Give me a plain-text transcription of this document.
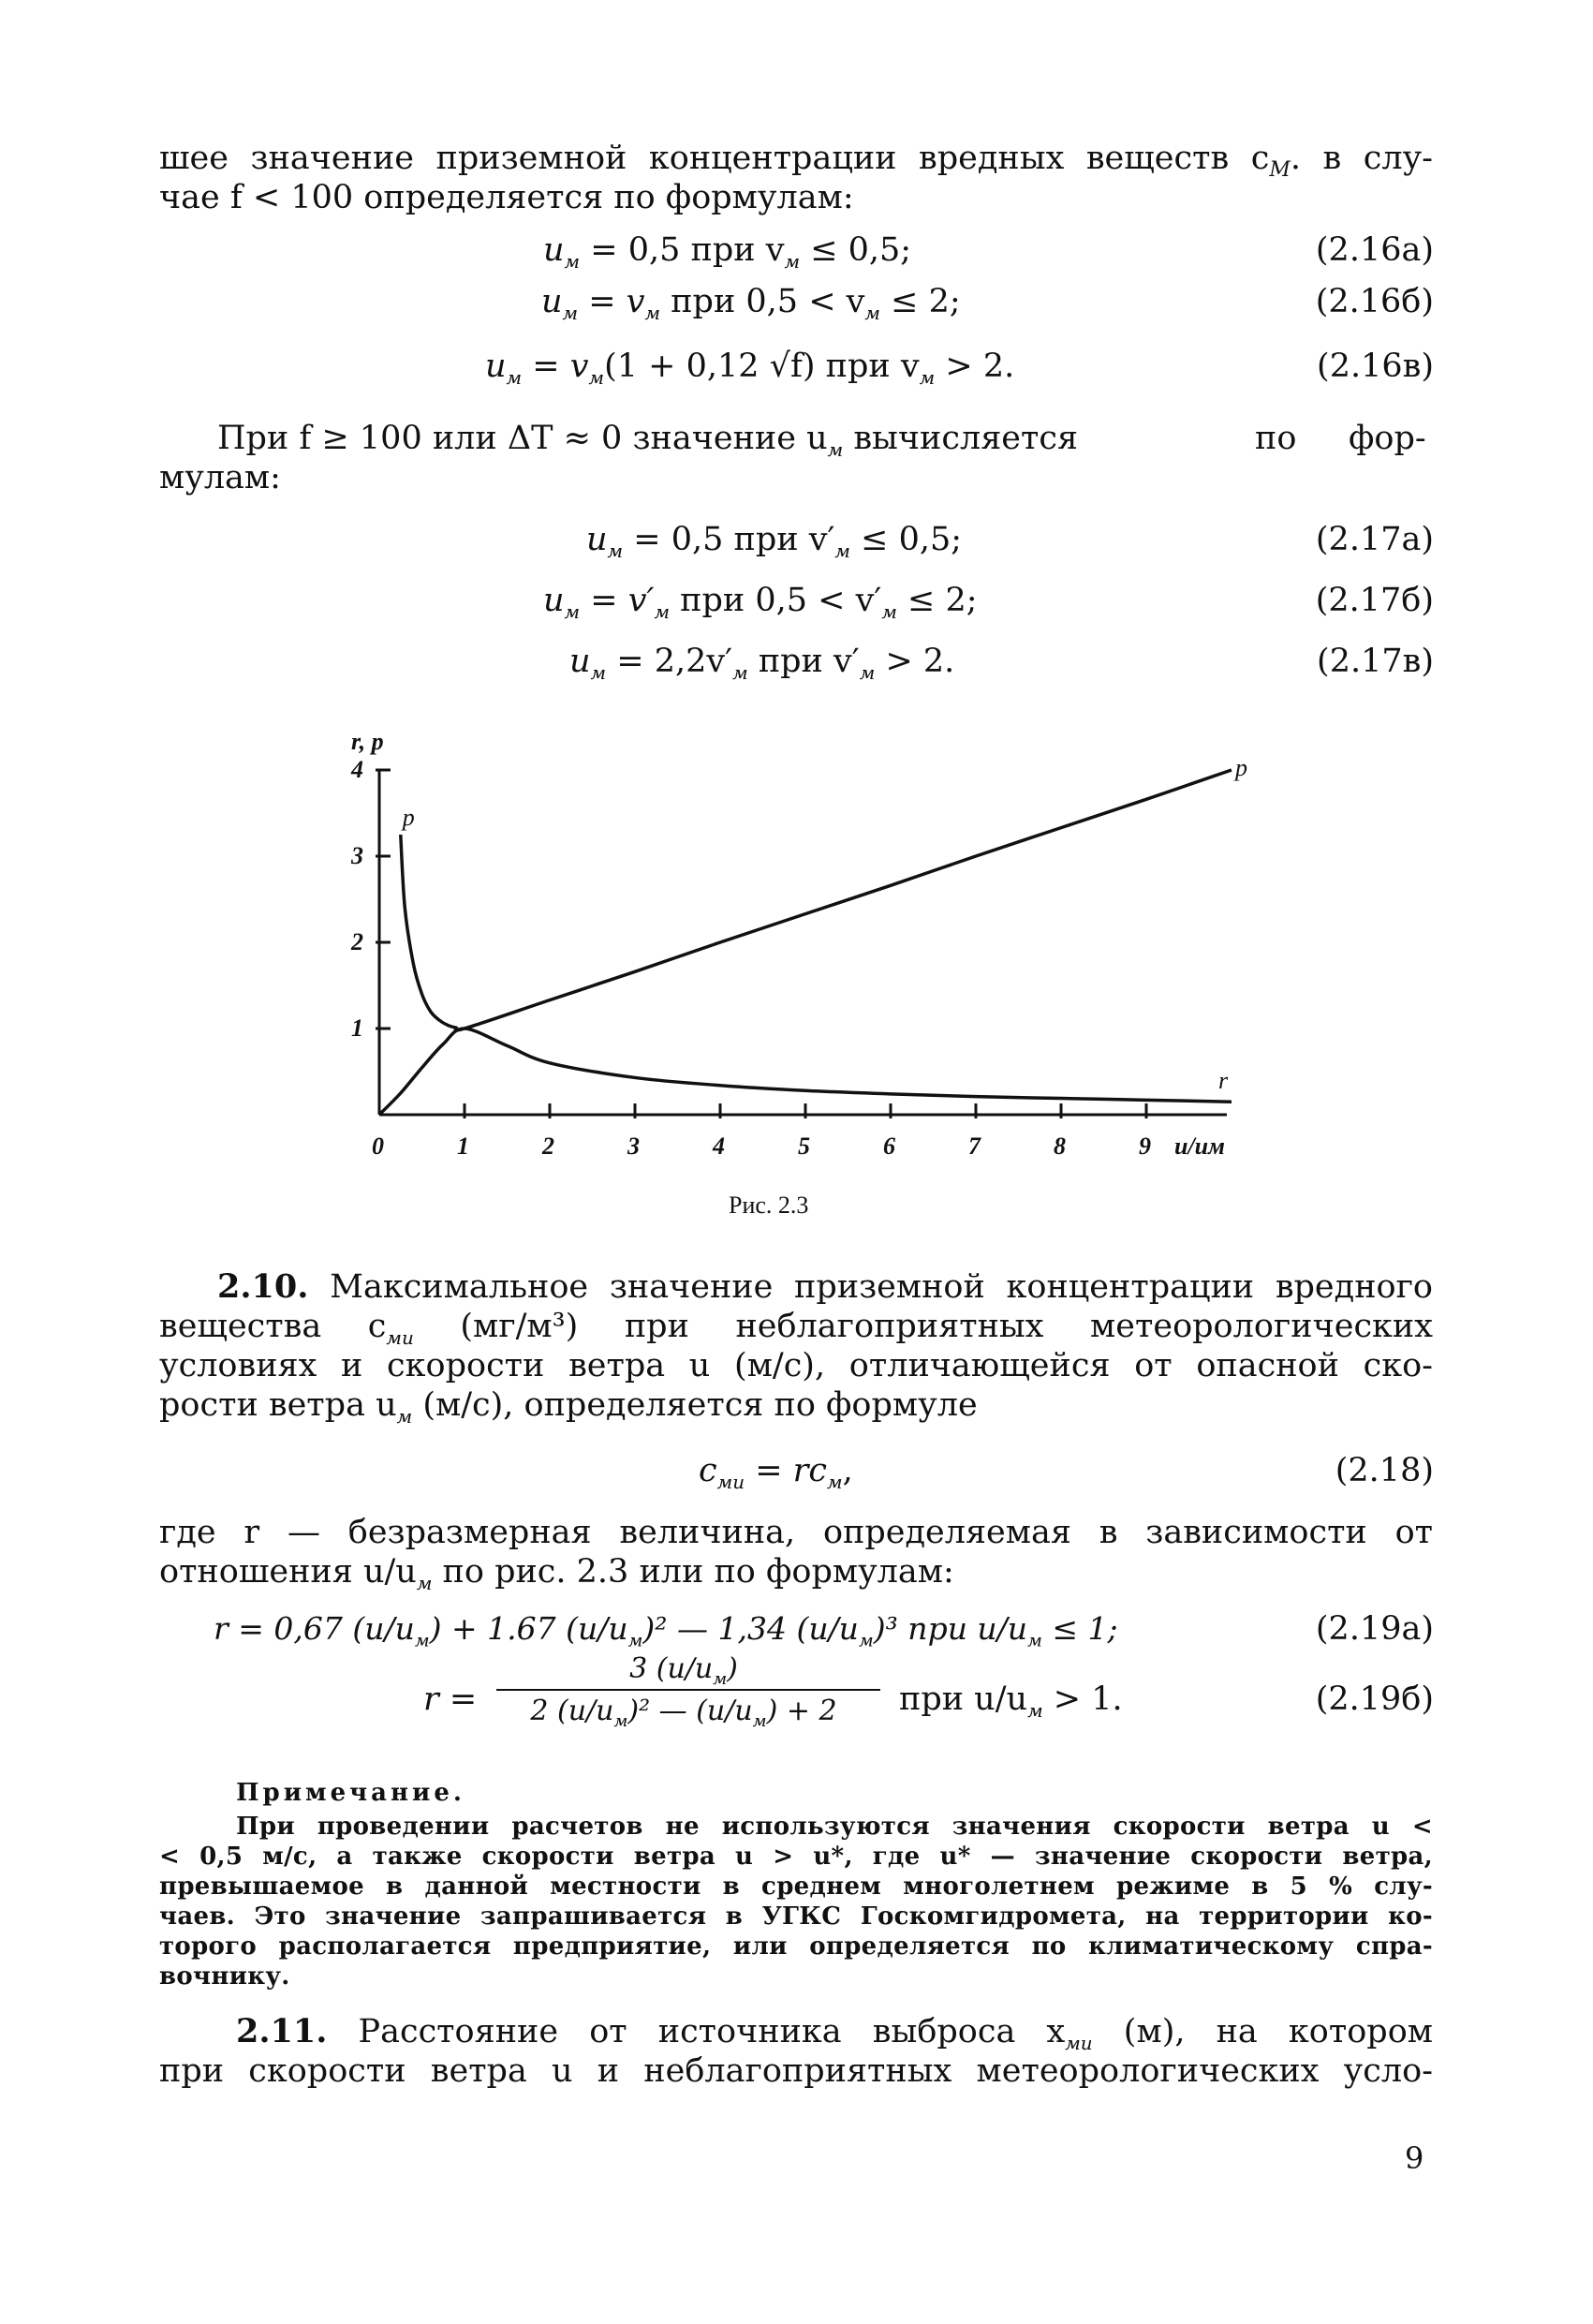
шее значение приземной концентрации вредных веществ $c_М$. в слу-
чае f < 100 определяется по формулам:
$u_м = 0,5$ при $v_м \le 0,5$;	(2.16а)
$u_м = v_м$ при $0,5 < v_м \le 2$;	(2.16б)
$u_м = v_м(1 + 0,12$ √f) при $v_м > 2$.	(2.16в)
При f ≥ 100 или ΔT ≈ 0 значение $u_м$ вычисляется	по фор-
мулам:
$u_м = 0,5$ при $v'_м \le 0,5$;	(2.17а)
$u_м = v'_м$ при $0,5 < v'_м \le 2$;	(2.17б)
$u_м = 2,2v'_м$ при $v'_м > 2$.	(2.17в)
0	1	2	3	4	5	6	7	8	9 u/uм
1
2
3
4
r, p
r
p
p
Рис. 2.3
2.10. Максимальное значение приземной концентрации вредного
вещества $c_{мu}$ (мг/м³) при неблагоприятных метеорологических
условиях и скорости ветра u (м/с), отличающейся от опасной ско-
рости ветра $u_м$ (м/с), определяется по формуле
$c_{мu} = rc_м$,	(2.18)
где r — безразмерная величина, определяемая в зависимости от
отношения $u/u_м$ по рис. 2.3 или по формулам:
r = 0,67 $(u/u_м) + 1.67$ $(u/u_м)^2$ — 1,34 $(u/u_м)^3$ при $u/u_м \le 1$;	(2.19а)
r =
3 $(u/u_м)$
2 $(u/u_м)^2$ — $(u/u_м) + 2$	при $u/u_м > 1$.	(2.19б)
Примечание.
При проведении расчетов не используются значения скорости ветра u <
< 0,5 м/с, а также скорости ветра u > u*, где u* — значение скорости ветра,
превышаемое в данной местности в среднем многолетнем режиме в 5 % слу-
чаев. Это значение запрашивается в УГКС Госкомгидромета, на территории ко-
торого располагается предприятие, или определяется по климатическому спра-
вочнику.
2.11. Расстояние от источника выброса $x_{мu}$ (м), на котором
при скорости ветра u и неблагоприятных метеорологических усло-
9
